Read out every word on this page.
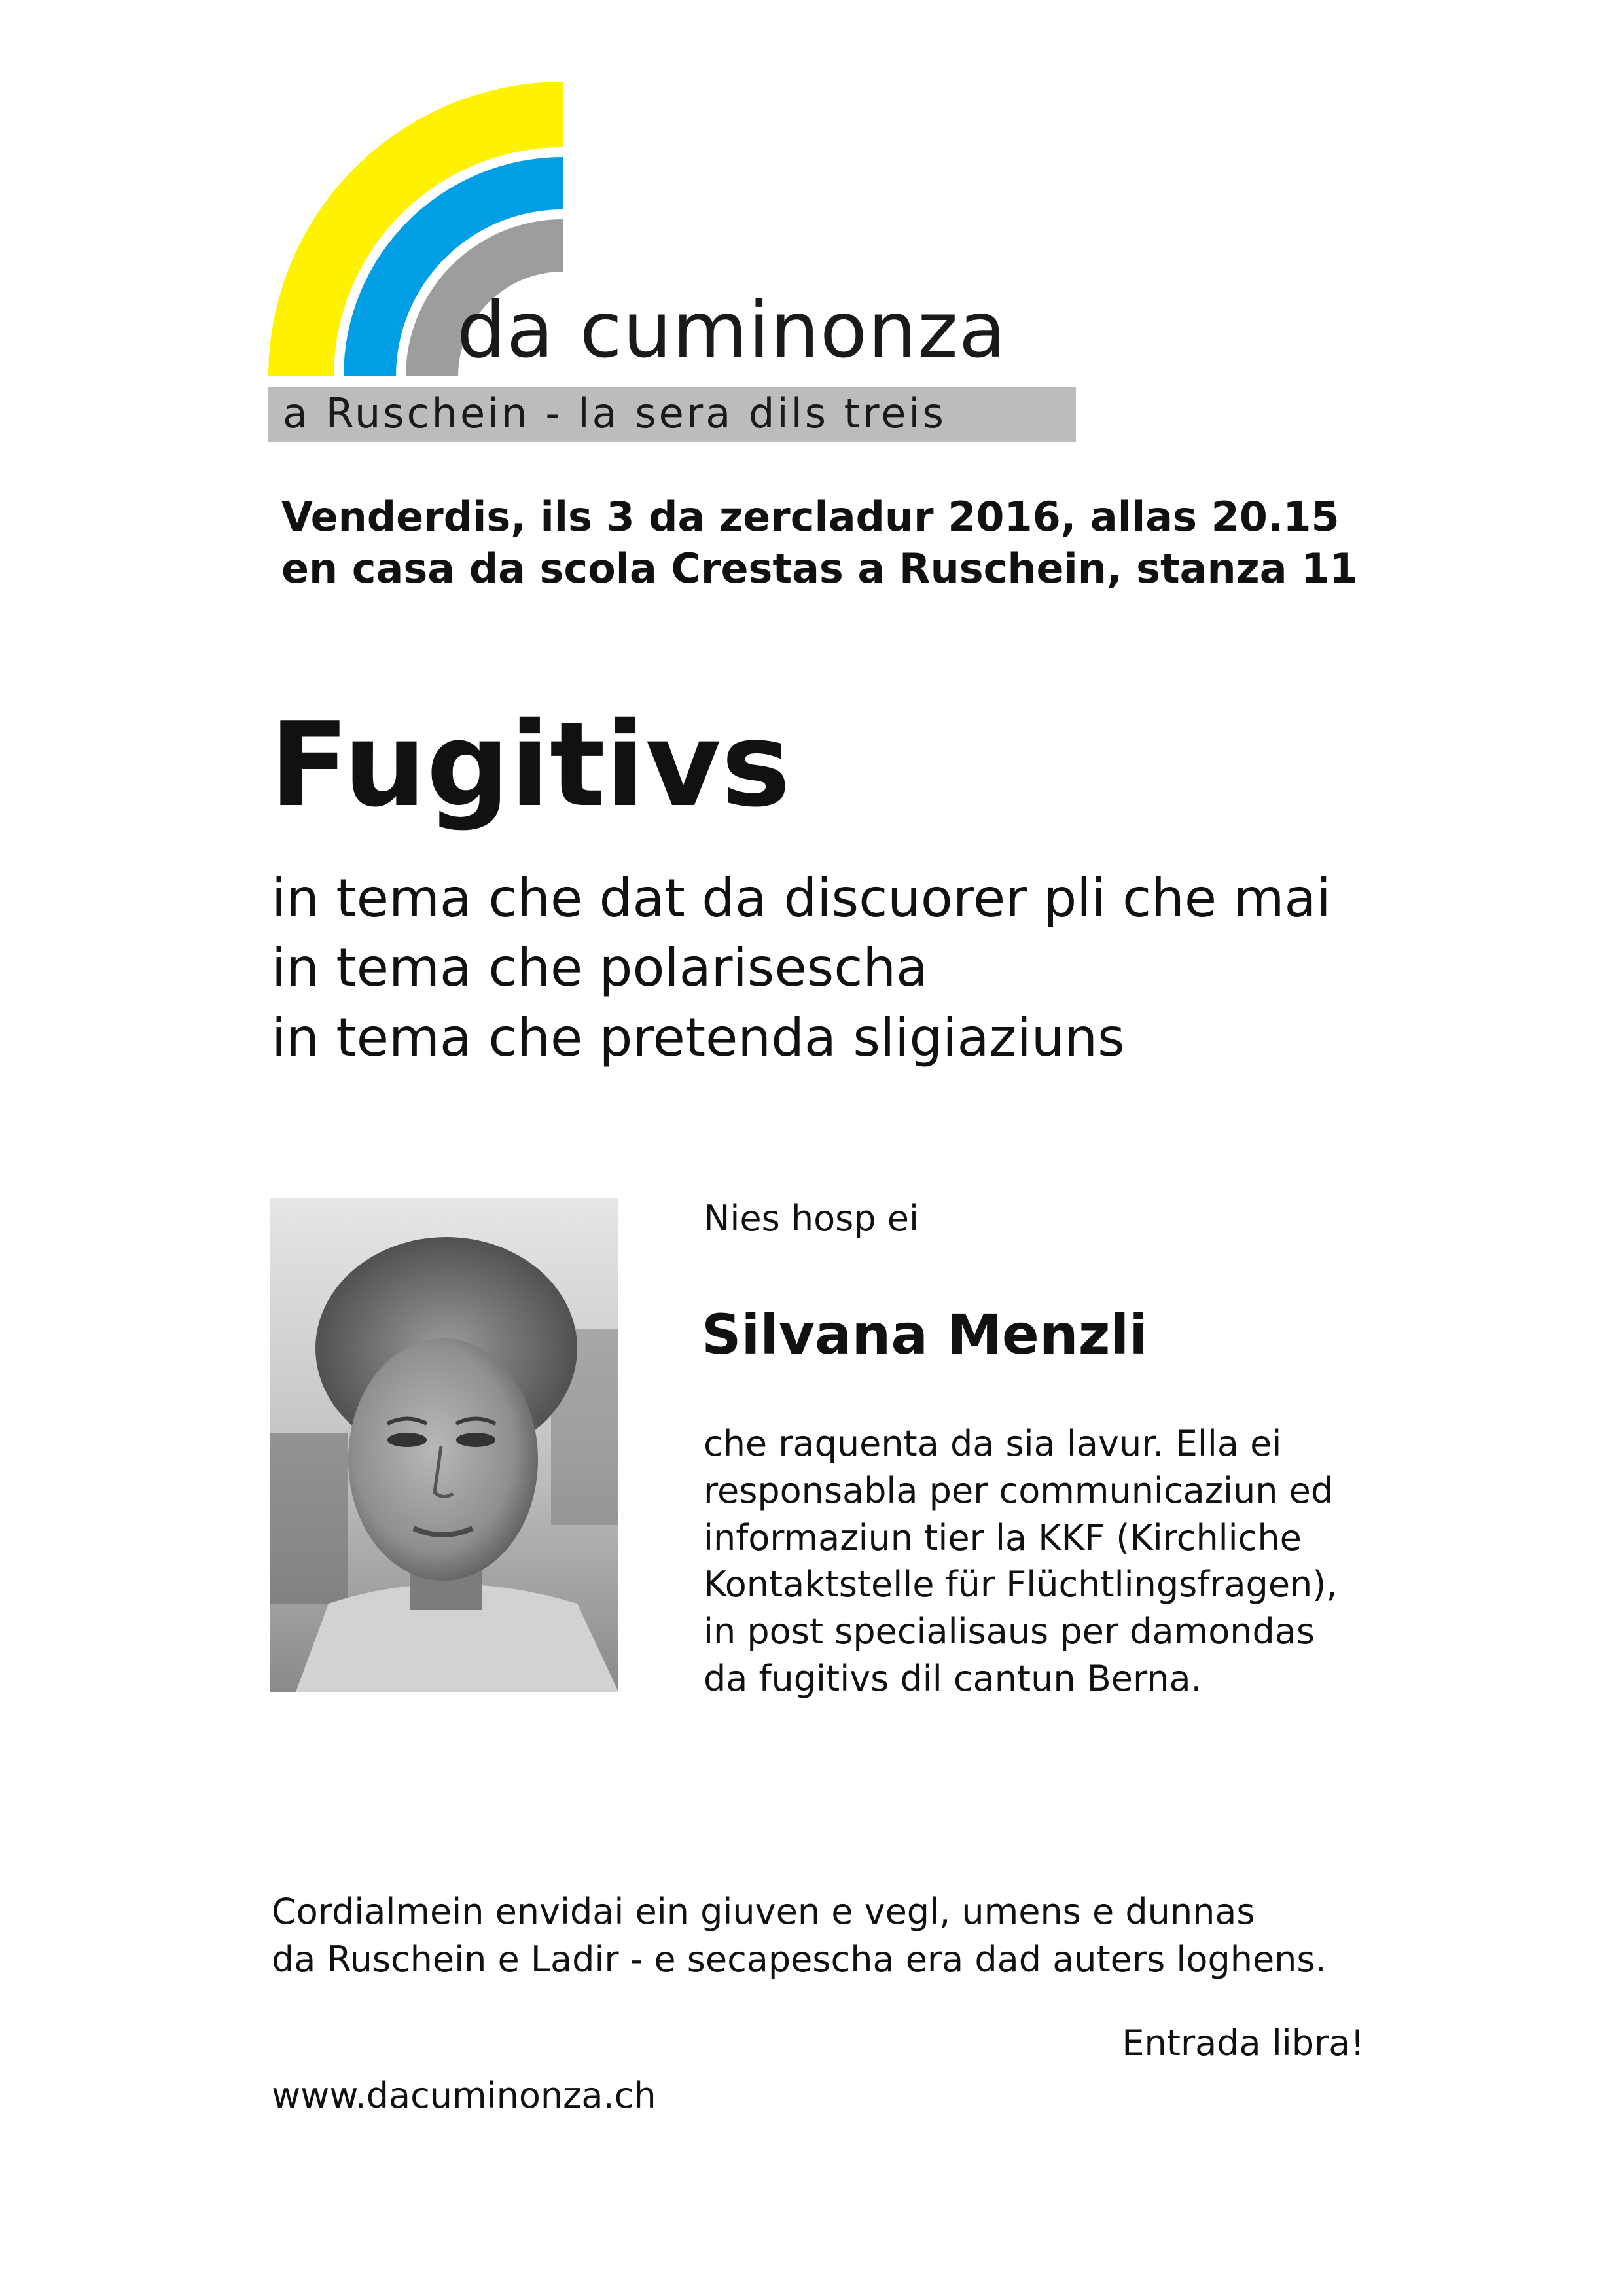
da cuminonza
a Ruschein - la sera dils treis
Venderdis, ils 3 da zercladur 2016, allas 20.15
en casa da scola Crestas a Ruschein, stanza 11
Fugitivs
in tema che dat da discuorer pli che mai
in tema che polarisescha
in tema che pretenda sligiaziuns
Nies hosp ei
Silvana Menzli
che raquenta da sia lavur. Ella ei
responsabla per communicaziun ed
informaziun tier la KKF (Kirchliche
Kontaktstelle für Flüchtlingsfragen),
in post specialisaus per damondas
da fugitivs dil cantun Berna.
Cordialmein envidai ein giuven e vegl, umens e dunnas
da Ruschein e Ladir - e secapescha era dad auters loghens.
Entrada libra!
www.dacuminonza.ch
